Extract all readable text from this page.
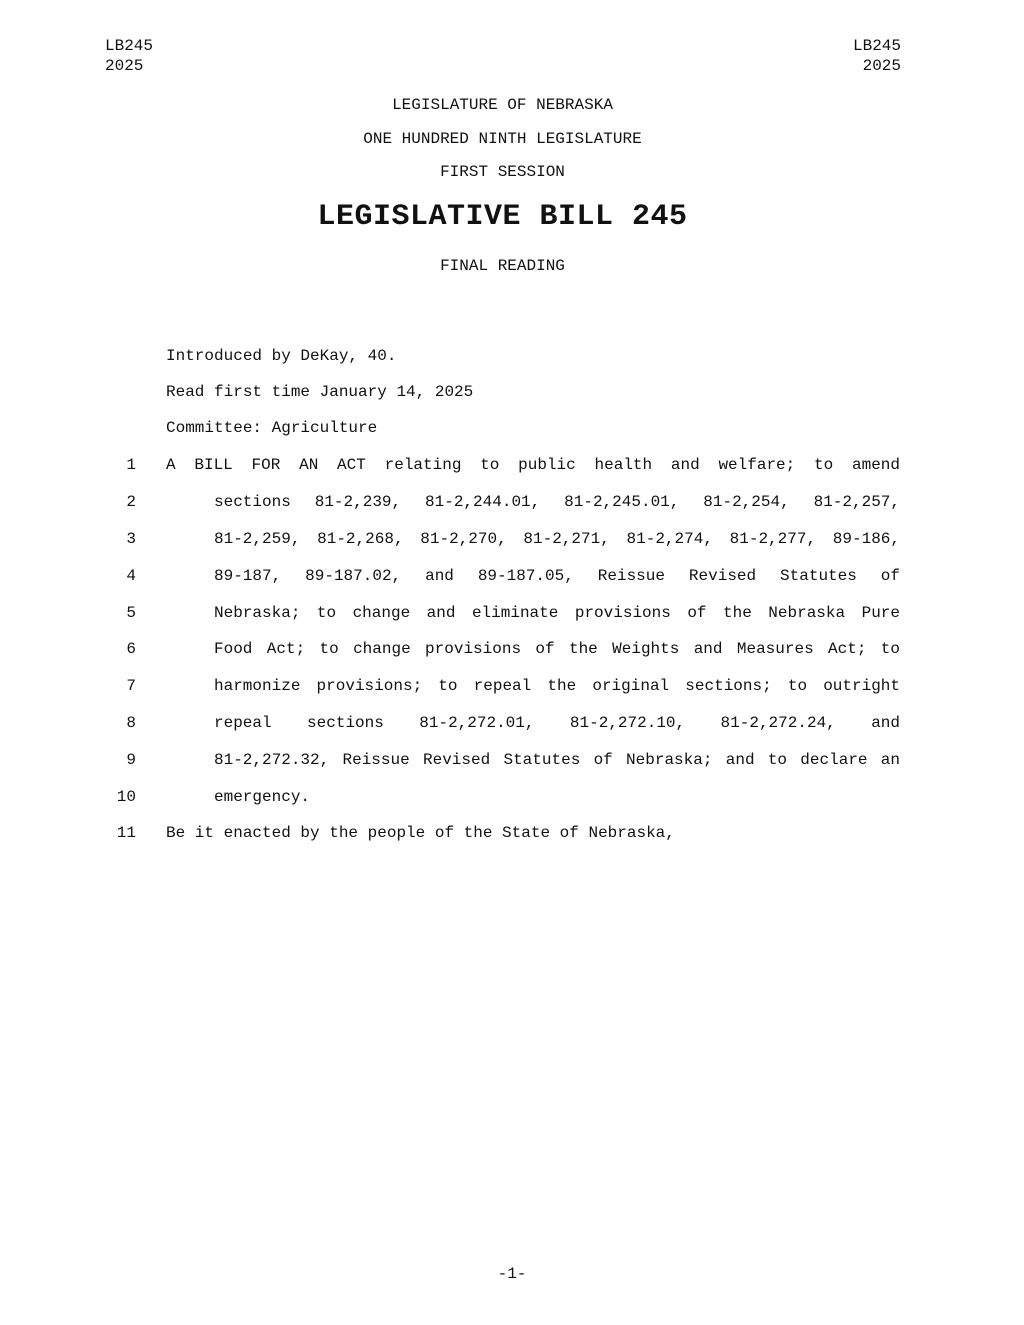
LB245
2025
LB245
2025
LEGISLATURE OF NEBRASKA
ONE HUNDRED NINTH LEGISLATURE
FIRST SESSION
LEGISLATIVE BILL 245
FINAL READING
Introduced by DeKay, 40.
Read first time January 14, 2025
Committee: Agriculture
1 A BILL FOR AN ACT relating to public health and welfare; to amend
2	sections 81-2,239, 81-2,244.01, 81-2,245.01, 81-2,254, 81-2,257,
3	81-2,259, 81-2,268, 81-2,270, 81-2,271, 81-2,274, 81-2,277, 89-186,
4	89-187, 89-187.02, and 89-187.05, Reissue Revised Statutes of
5	Nebraska; to change and eliminate provisions of the Nebraska Pure
6	Food Act; to change provisions of the Weights and Measures Act; to
7	harmonize provisions; to repeal the original sections; to outright
8	repeal sections 81-2,272.01, 81-2,272.10, 81-2,272.24, and
9	81-2,272.32, Reissue Revised Statutes of Nebraska; and to declare an
10	emergency.
11 Be it enacted by the people of the State of Nebraska,
-1-
